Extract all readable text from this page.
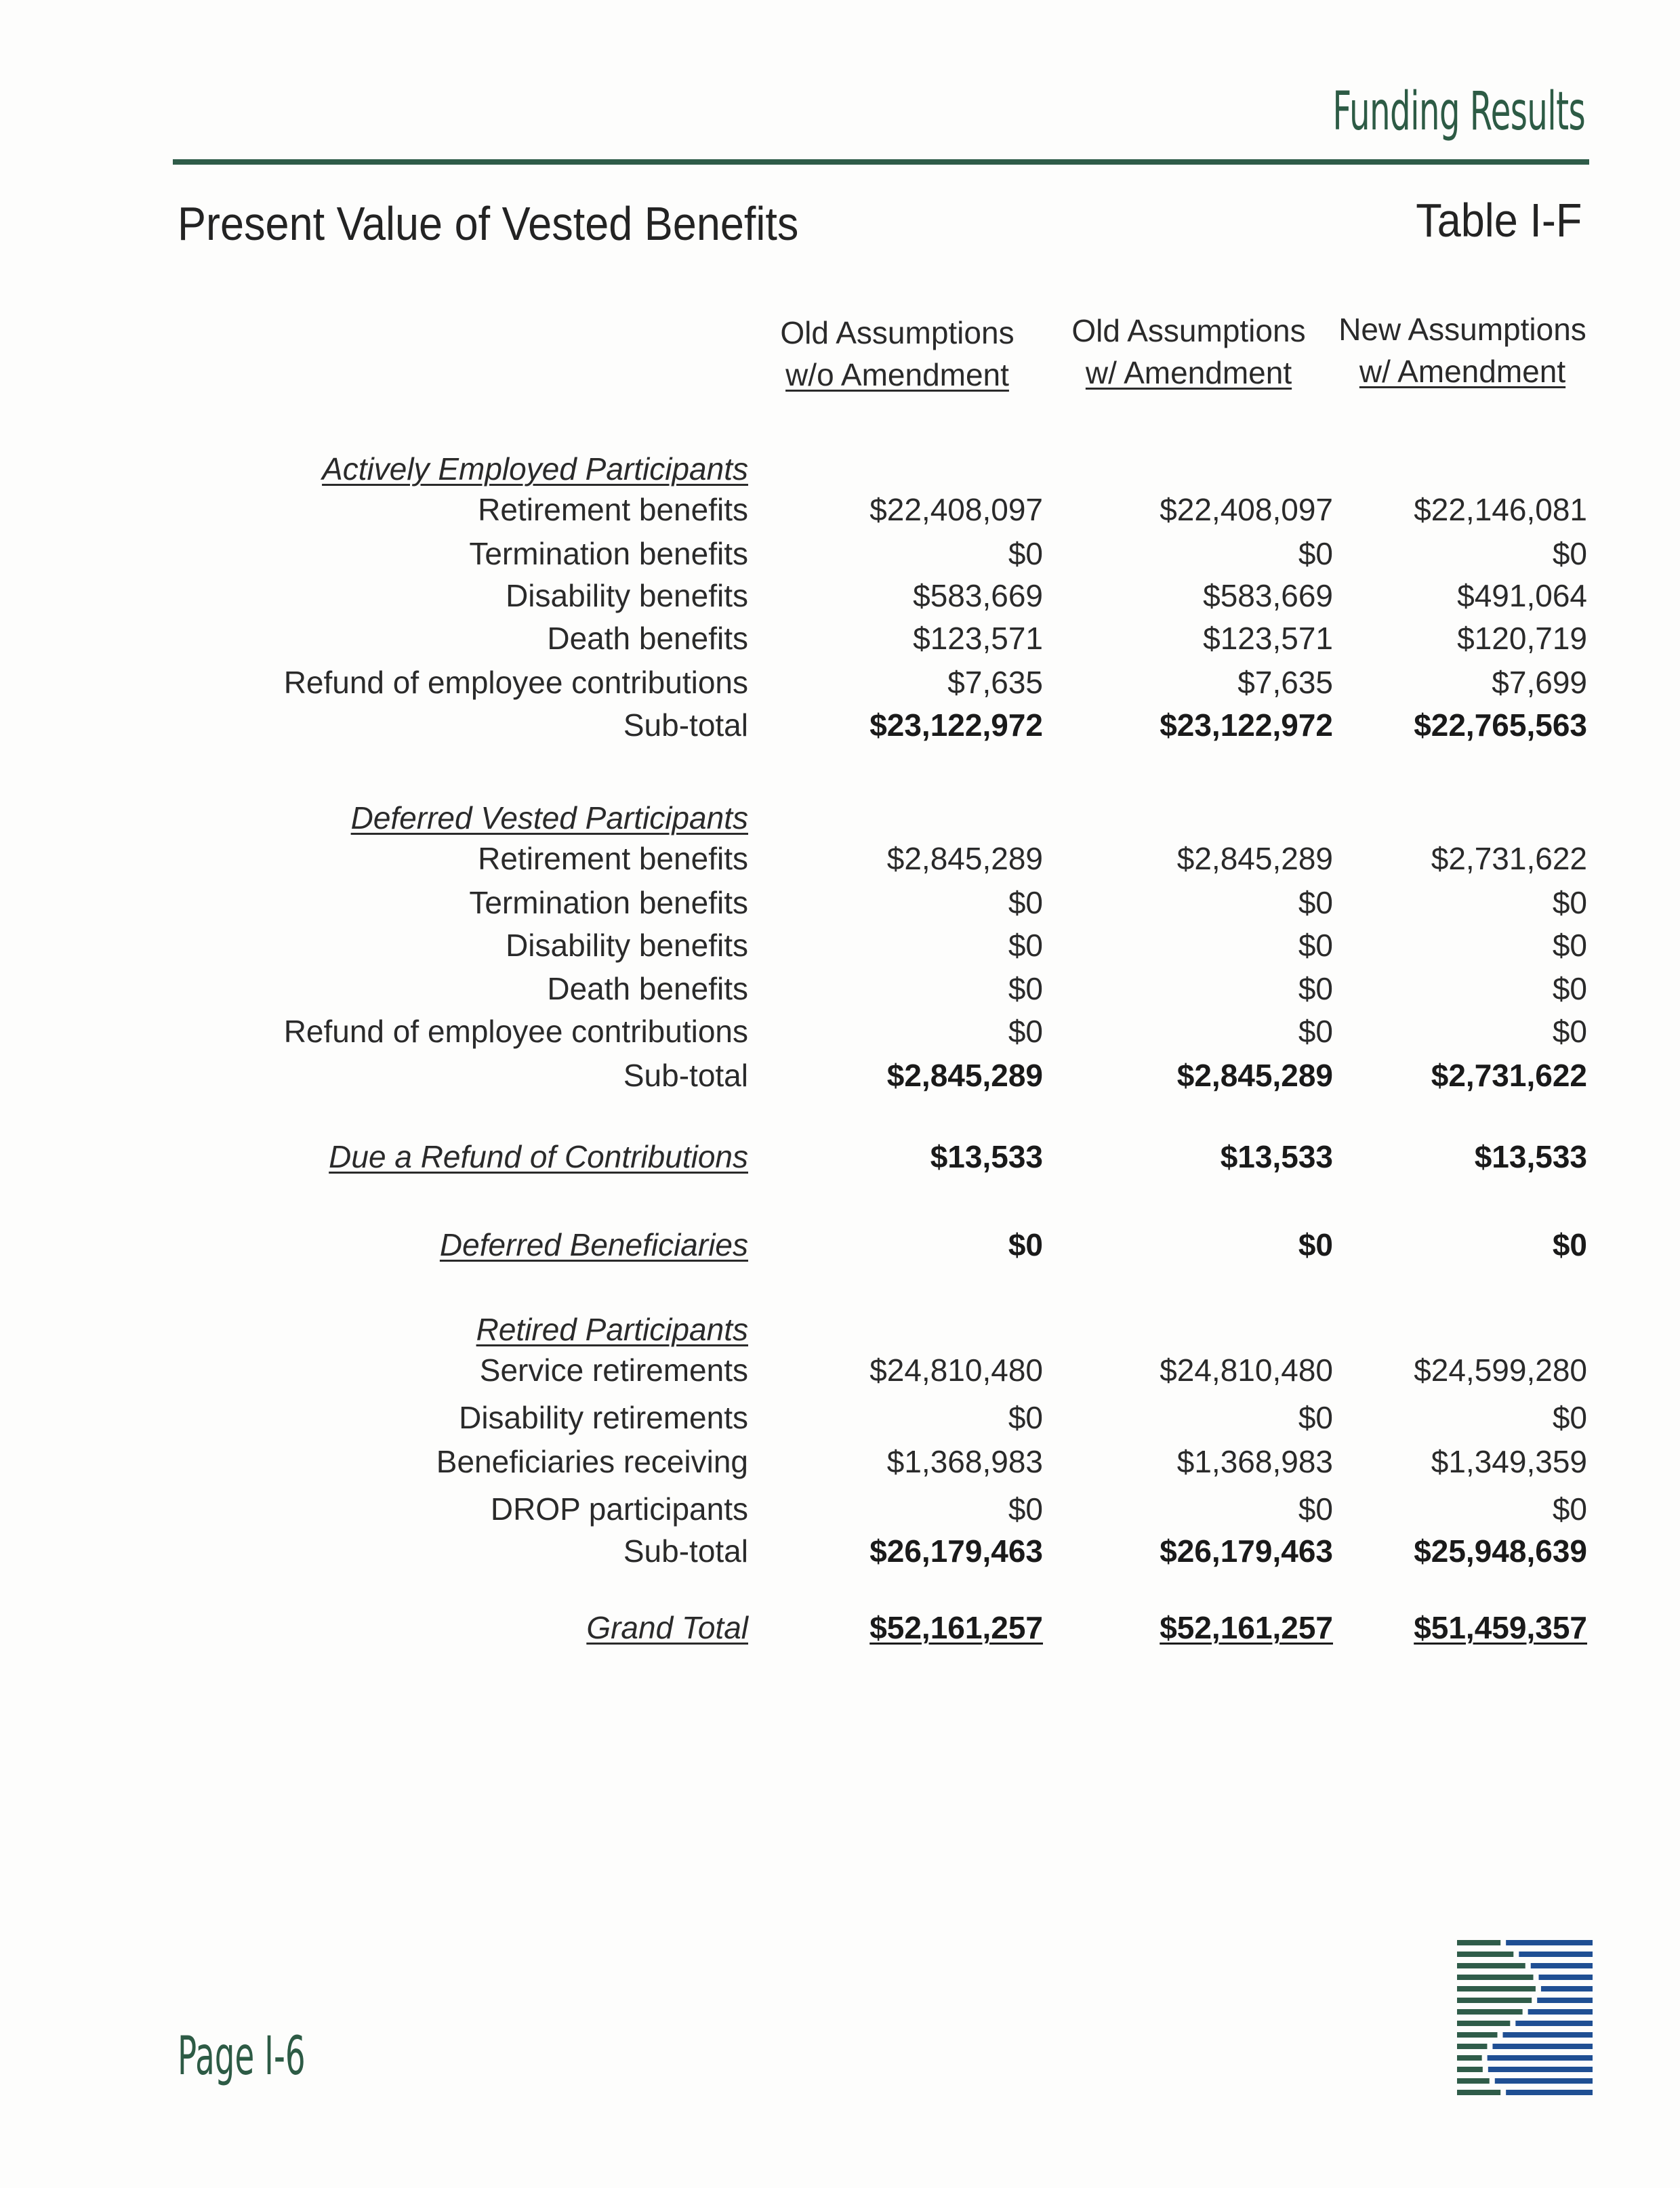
Funding Results
Present Value of Vested Benefits	Table I-F
Old Assumptions
w/o Amendment
Old Assumptions
w/ Amendment
New Assumptions
w/ Amendment
Actively Employed Participants
Retirement benefits	$22,408,097	$22,408,097	$22,146,081
Termination benefits	$0	$0	$0
Disability benefits	$583,669	$583,669	$491,064
Death benefits	$123,571	$123,571	$120,719
Refund of employee contributions	$7,635	$7,635	$7,699
Sub-total	$23,122,972	$23,122,972	$22,765,563
Deferred Vested Participants
Retirement benefits	$2,845,289	$2,845,289	$2,731,622
Termination benefits	$0	$0	$0
Disability benefits	$0	$0	$0
Death benefits	$0	$0	$0
Refund of employee contributions	$0	$0	$0
Sub-total	$2,845,289	$2,845,289	$2,731,622
Due a Refund of Contributions	$13,533	$13,533	$13,533
Deferred Beneficiaries	$0	$0	$0
Retired Participants
Service retirements	$24,810,480	$24,810,480	$24,599,280
Disability retirements	$0	$0	$0
Beneficiaries receiving	$1,368,983	$1,368,983	$1,349,359
DROP participants	$0	$0	$0
Sub-total	$26,179,463	$26,179,463	$25,948,639
Grand Total	$52,161,257	$52,161,257	$51,459,357
Page I-6
